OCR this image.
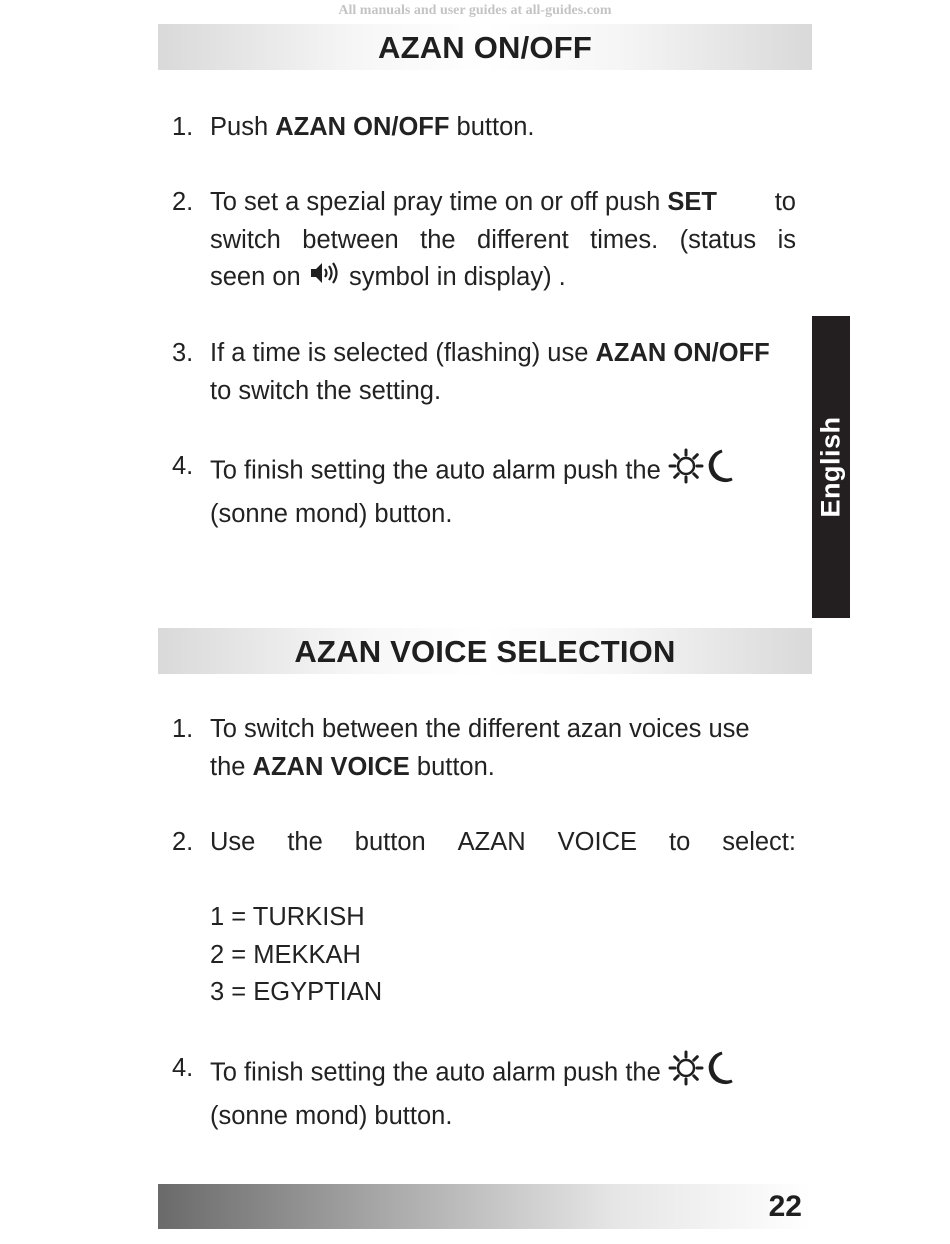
All manuals and user guides at all-guides.com
AZAN ON/OFF
1. Push AZAN ON/OFF button.
2. To set a spezial pray time on or off push SET to
switch between the different times. (status is
seen on  symbol in display) .
3. If a time is selected (flashing) use AZAN ON/OFF
to switch the setting.
4. To finish setting the auto alarm push the
(sonne mond) button.	English
AZAN VOICE SELECTION
1. To switch between the different azan voices use
the AZAN VOICE button.
2. Use the button AZAN VOICE to select:

1 = TURKISH
2 = MEKKAH
3 = EGYPTIAN
4. To finish setting the auto alarm push the
(sonne mond) button.
22
